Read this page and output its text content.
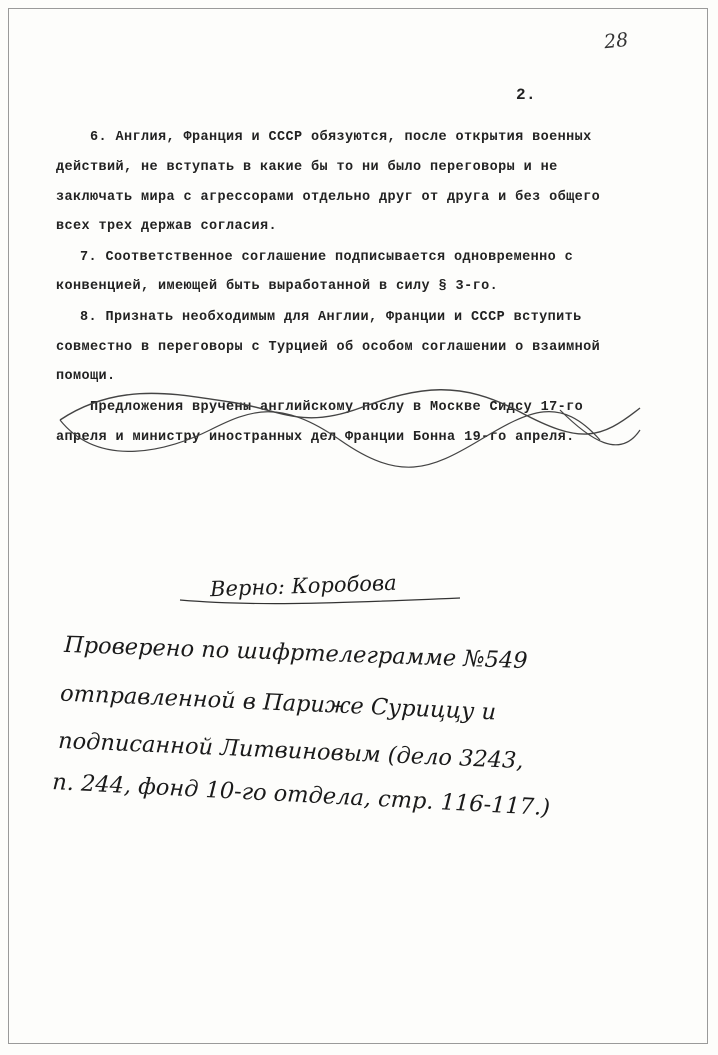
28
2.
6. Англия, Франция и СССР обязуются, после открытия военных
действий, не вступать в какие бы то ни было переговоры и не
заключать мира с агрессорами отдельно друг от друга и без общего
всех трех держав согласия.
7. Соответственное соглашение подписывается одновременно с
конвенцией, имеющей быть выработанной в силу § 3-го.
8. Признать необходимым для Англии, Франции и СССР вступить
совместно в переговоры с Турцией об особом соглашении о взаимной
помощи.
Предложения вручены английскому послу в Москве Сидсу 17-го
апреля и министру иностранных дел Франции Бонна 19-го апреля.
Верно: Коробова
Проверено по шифртелеграмме №549
отправленной в Париже Суриццу и
подписанной Литвиновым (дело 3243,
п. 244, фонд 10-го отдела, стр. 116-117.)
